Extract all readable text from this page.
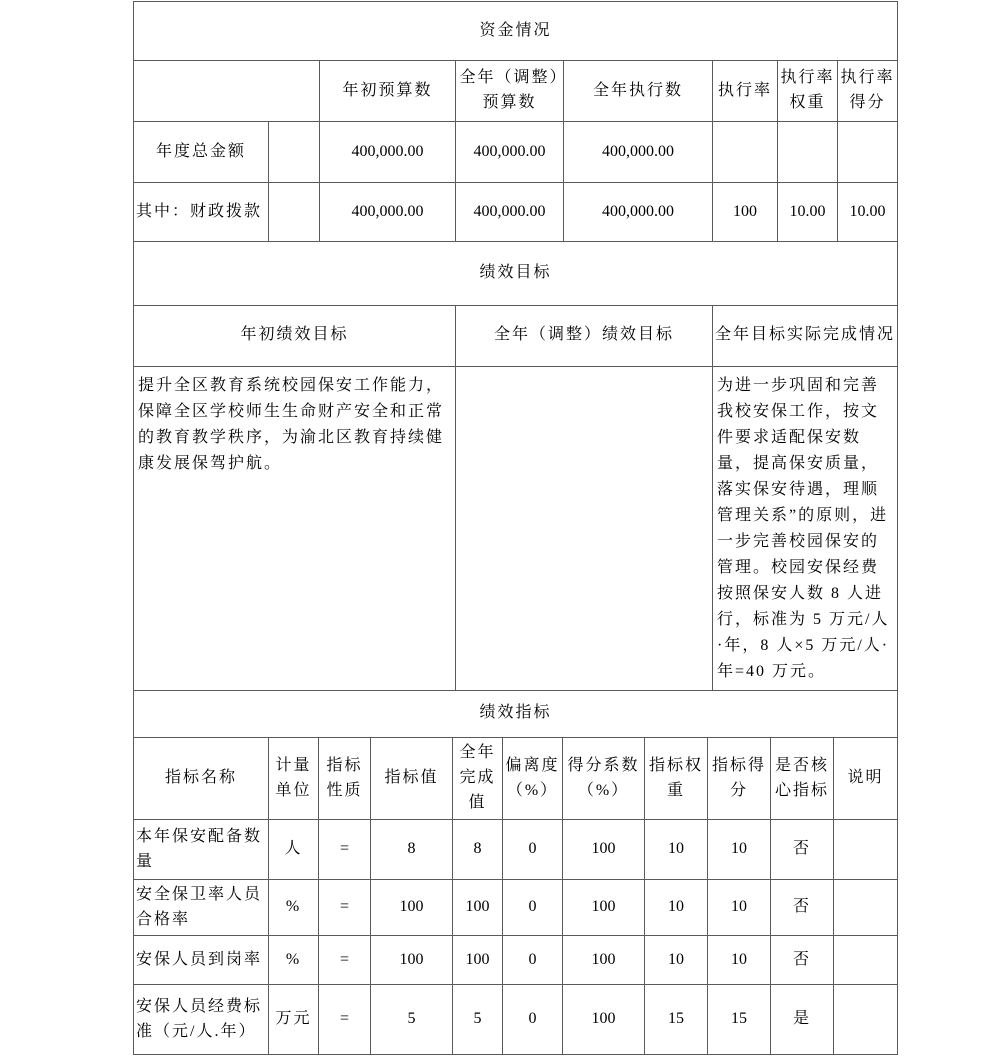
资金情况							
		年初预算数	全年（调整）预算数	全年执行数	执行率	执行率权重	执行率得分
年度总金额		400,000.00	400,000.00	400,000.00			
其中：财政拨款		400,000.00	400,000.00	400,000.00	100	10.00	10.00
绩效目标		
年初绩效目标	全年（调整）绩效目标	全年目标实际完成情况
提升全区教育系统校园保安工作能力，保障全区学校师生生命财产安全和正常的教育教学秩序，为渝北区教育持续健康发展保驾护航。		为进一步巩固和完善我校安保工作，按文件要求适配保安数量，提高保安质量，落实保安待遇，理顺管理关系”的原则，进一步完善校园保安的管理。校园安保经费按照保安人数 8 人进行，标准为 5 万元/人·年，8 人×5 万元/人·年=40 万元。
绩效指标										
指标名称	计量单位	指标性质	指标值	全年完成值	偏离度（%）	得分系数（%）	指标权重	指标得分	是否核心指标	说明
本年保安配备数量	人	=	8	8	0	100	10	10	否	
安全保卫率人员合格率	%	=	100	100	0	100	10	10	否	
安保人员到岗率	%	=	100	100	0	100	10	10	否	
安保人员经费标准（元/人.年）	万元	=	5	5	0	100	15	15	是	
